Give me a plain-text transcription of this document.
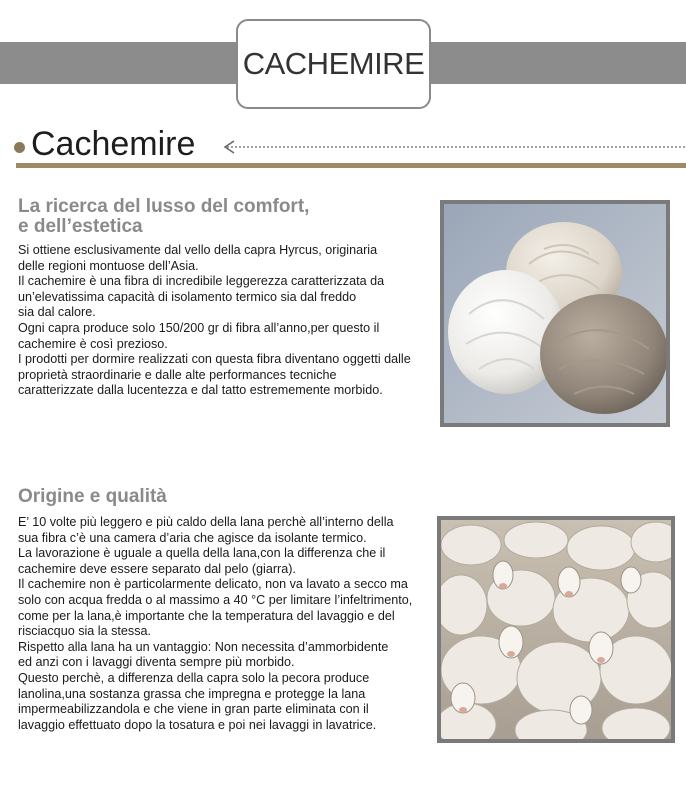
CACHEMIRE
Cachemire
La ricerca del lusso del comfort,
e dell’estetica
Si ottiene esclusivamente dal vello della capra Hyrcus, originaria
delle regioni montuose dell’Asia.
Il cachemire è una fibra di incredibile leggerezza caratterizzata da
un’elevatissima capacità di isolamento termico sia dal freddo
sia dal calore.
Ogni capra produce solo 150/200 gr di fibra all’anno,per questo il
cachemire è così prezioso.
I prodotti per dormire realizzati con questa fibra diventano oggetti dalle
proprietà straordinarie e dalle alte performances tecniche
caratterizzate dalla lucentezza e dal tatto estrememente morbido.
Origine e qualità
E’ 10 volte più leggero e più caldo della lana perchè all’interno della
sua fibra c’è una camera d’aria che agisce da isolante termico.
La lavorazione è uguale a quella della lana,con la differenza che il
cachemire deve essere separato dal pelo (giarra).
Il cachemire non è particolarmente delicato, non va lavato a secco ma
solo con acqua fredda o al massimo a 40 °C per limitare l’infeltrimento,
come per la lana,è importante che la temperatura del lavaggio e del
risciacquo sia la stessa.
Rispetto alla lana ha un vantaggio: Non necessita d’ammorbidente
ed anzi con i lavaggi diventa sempre più morbido.
Questo perchè, a differenza della capra solo la pecora produce
lanolina,una sostanza grassa che impregna e protegge la lana
impermeabilizzandola e che viene in gran parte eliminata con il
lavaggio effettuato dopo la tosatura e poi nei lavaggi in lavatrice.
